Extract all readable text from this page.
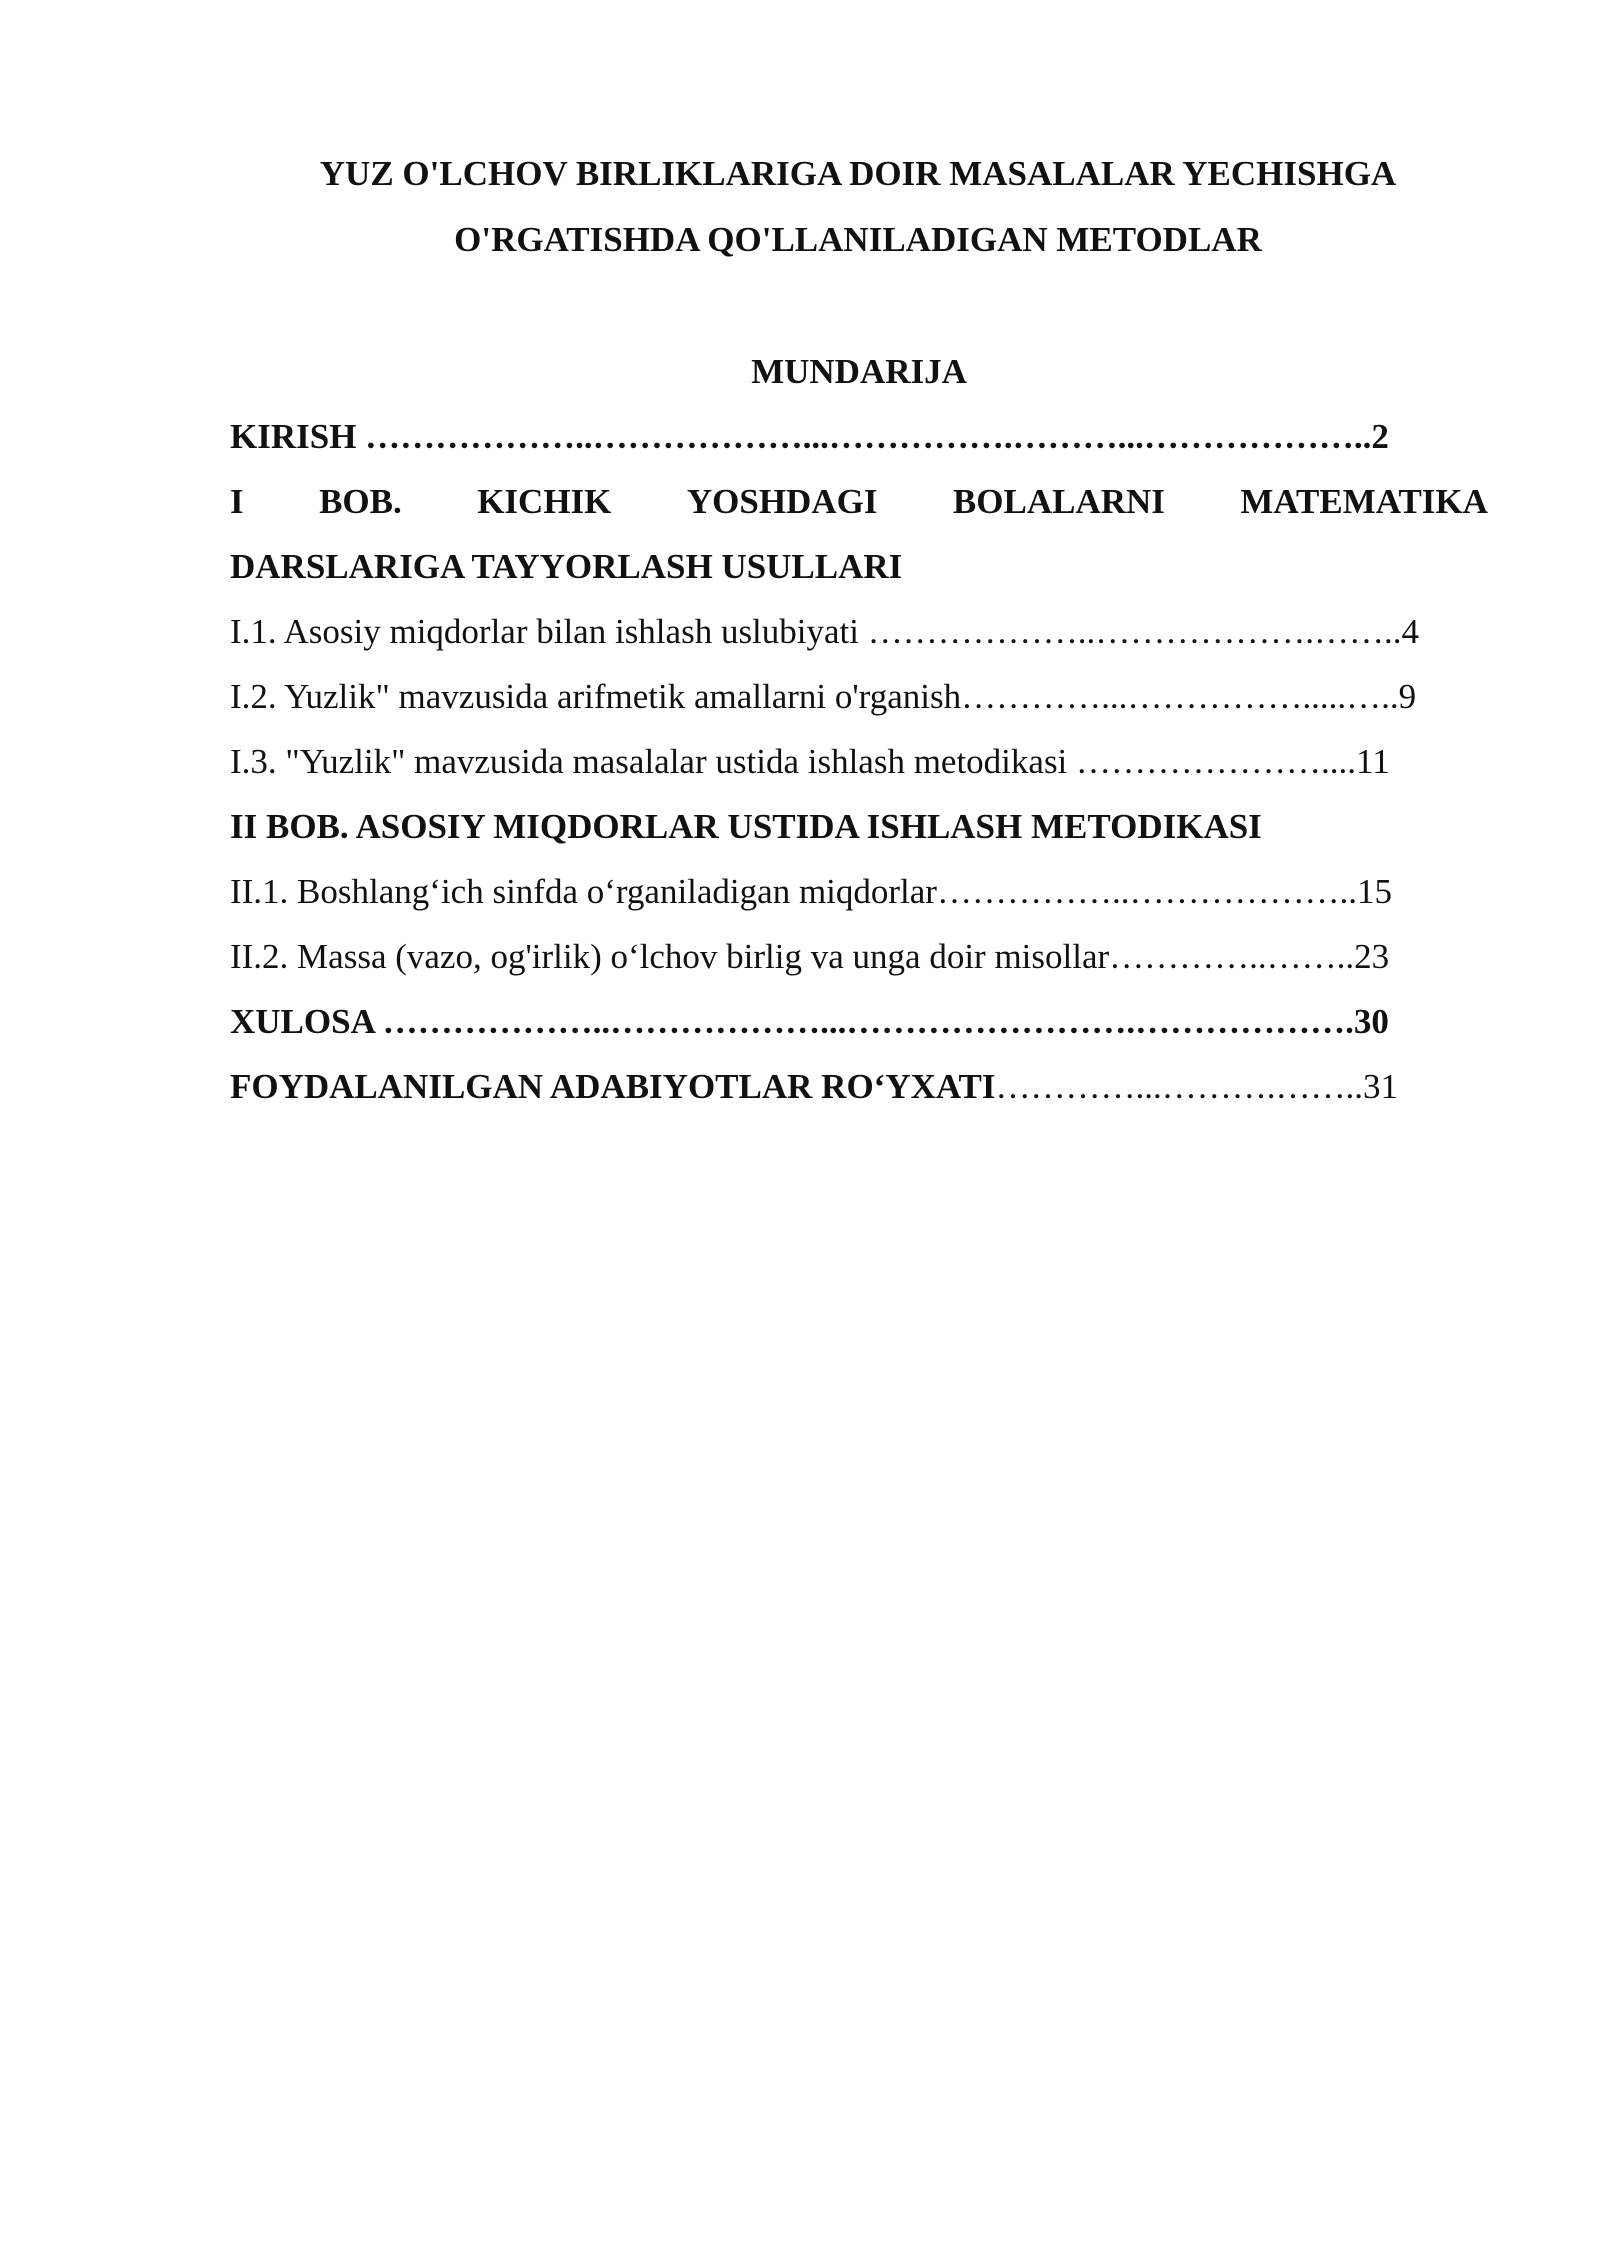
YUZ O'LCHOV BIRLIKLARIGA DOIR MASALALAR YECHISHGA
O'RGATISHDA QO'LLANILADIGAN METODLAR
MUNDARIJA
KIRISH ………………..………………...…………….………...………………..2
I BOB. KICHIK YOSHDAGI BOLALARNI MATEMATIKA
DARSLARIGA TAYYORLASH USULLARI
I.1. Asosiy miqdorlar bilan ishlash uslubiyati ………………..……………….……..4
I.2. Yuzlik" mavzusida arifmetik amallarni o'rganish…………...…………….....…..9
I.3. "Yuzlik" mavzusida masalalar ustida ishlash metodikasi …………………....11
II BOB. ASOSIY MIQDORLAR USTIDA ISHLASH METODIKASI
II.1. Boshlang‘ich sinfda o‘rganiladigan miqdorlar……………..………………..15
II.2. Massa (vazo, og'irlik) o‘lchov birlig va unga doir misollar…………..……..23
XULOSA ………………..………………...…………………….……………….30
FOYDALANILGAN ADABIYOTLAR RO‘YXATI…………...……….……..31
